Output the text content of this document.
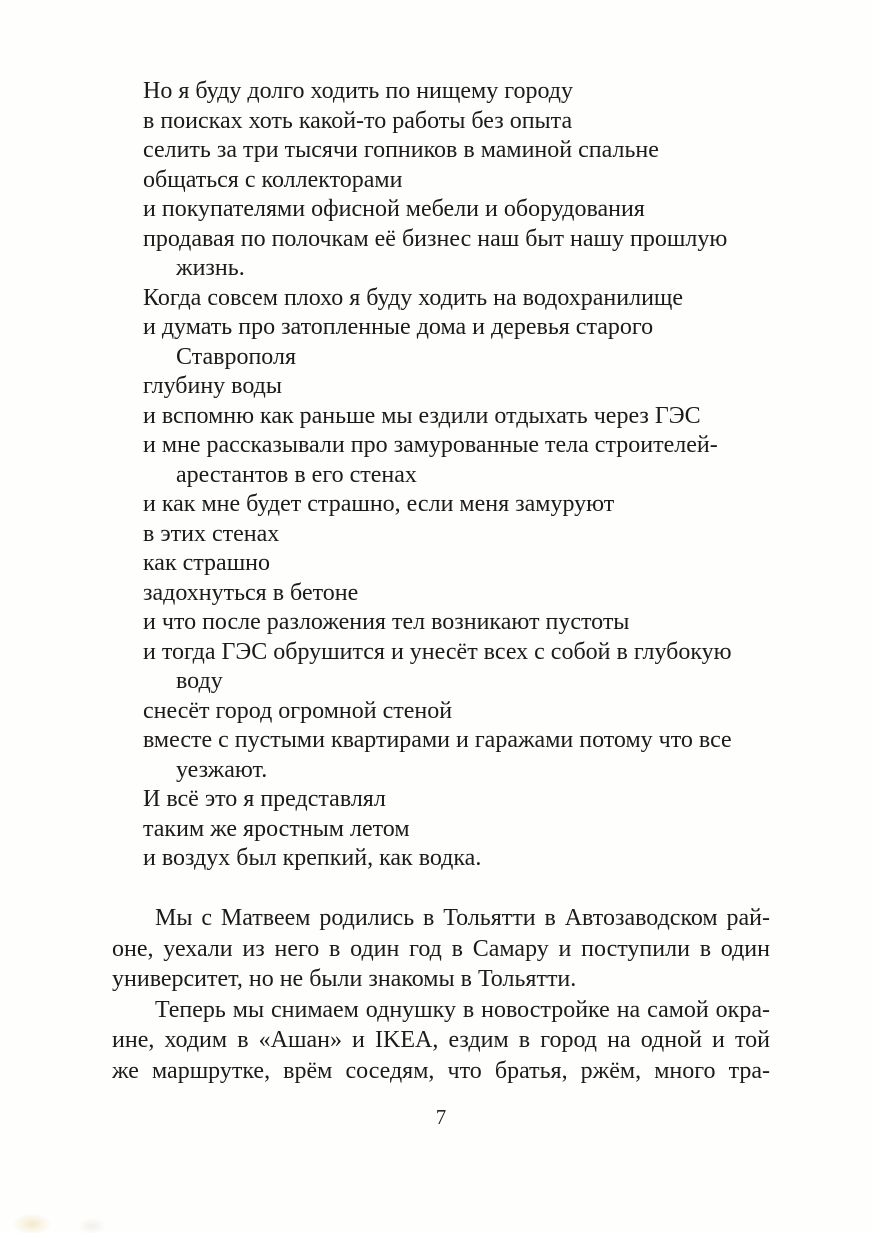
Но я буду долго ходить по нищему городу
в поисках хоть какой-то работы без опыта
селить за три тысячи гопников в маминой спальне
общаться с коллекторами
и покупателями офисной мебели и оборудования
продавая по полочкам её бизнес наш быт нашу прошлую
жизнь.
Когда совсем плохо я буду ходить на водохранилище
и думать про затопленные дома и деревья старого
Ставрополя
глубину воды
и вспомню как раньше мы ездили отдыхать через ГЭС
и мне рассказывали про замурованные тела строителей-
арестантов в его стенах
и как мне будет страшно, если меня замуруют
в этих стенах
как страшно
задохнуться в бетоне
и что после разложения тел возникают пустоты
и тогда ГЭС обрушится и унесёт всех с собой в глубокую
воду
снесёт город огромной стеной
вместе с пустыми квартирами и гаражами потому что все
уезжают.
И всё это я представлял
таким же яростным летом
и воздух был крепкий, как водка.
Мы с Матвеем родились в Тольятти в Автозаводском рай-
оне, уехали из него в один год в Самару и поступили в один
университет, но не были знакомы в Тольятти.
Теперь мы снимаем однушку в новостройке на самой окра-
ине, ходим в «Ашан» и IKEA, ездим в город на одной и той
же маршрутке, врём соседям, что братья, ржём, много тра-
7
